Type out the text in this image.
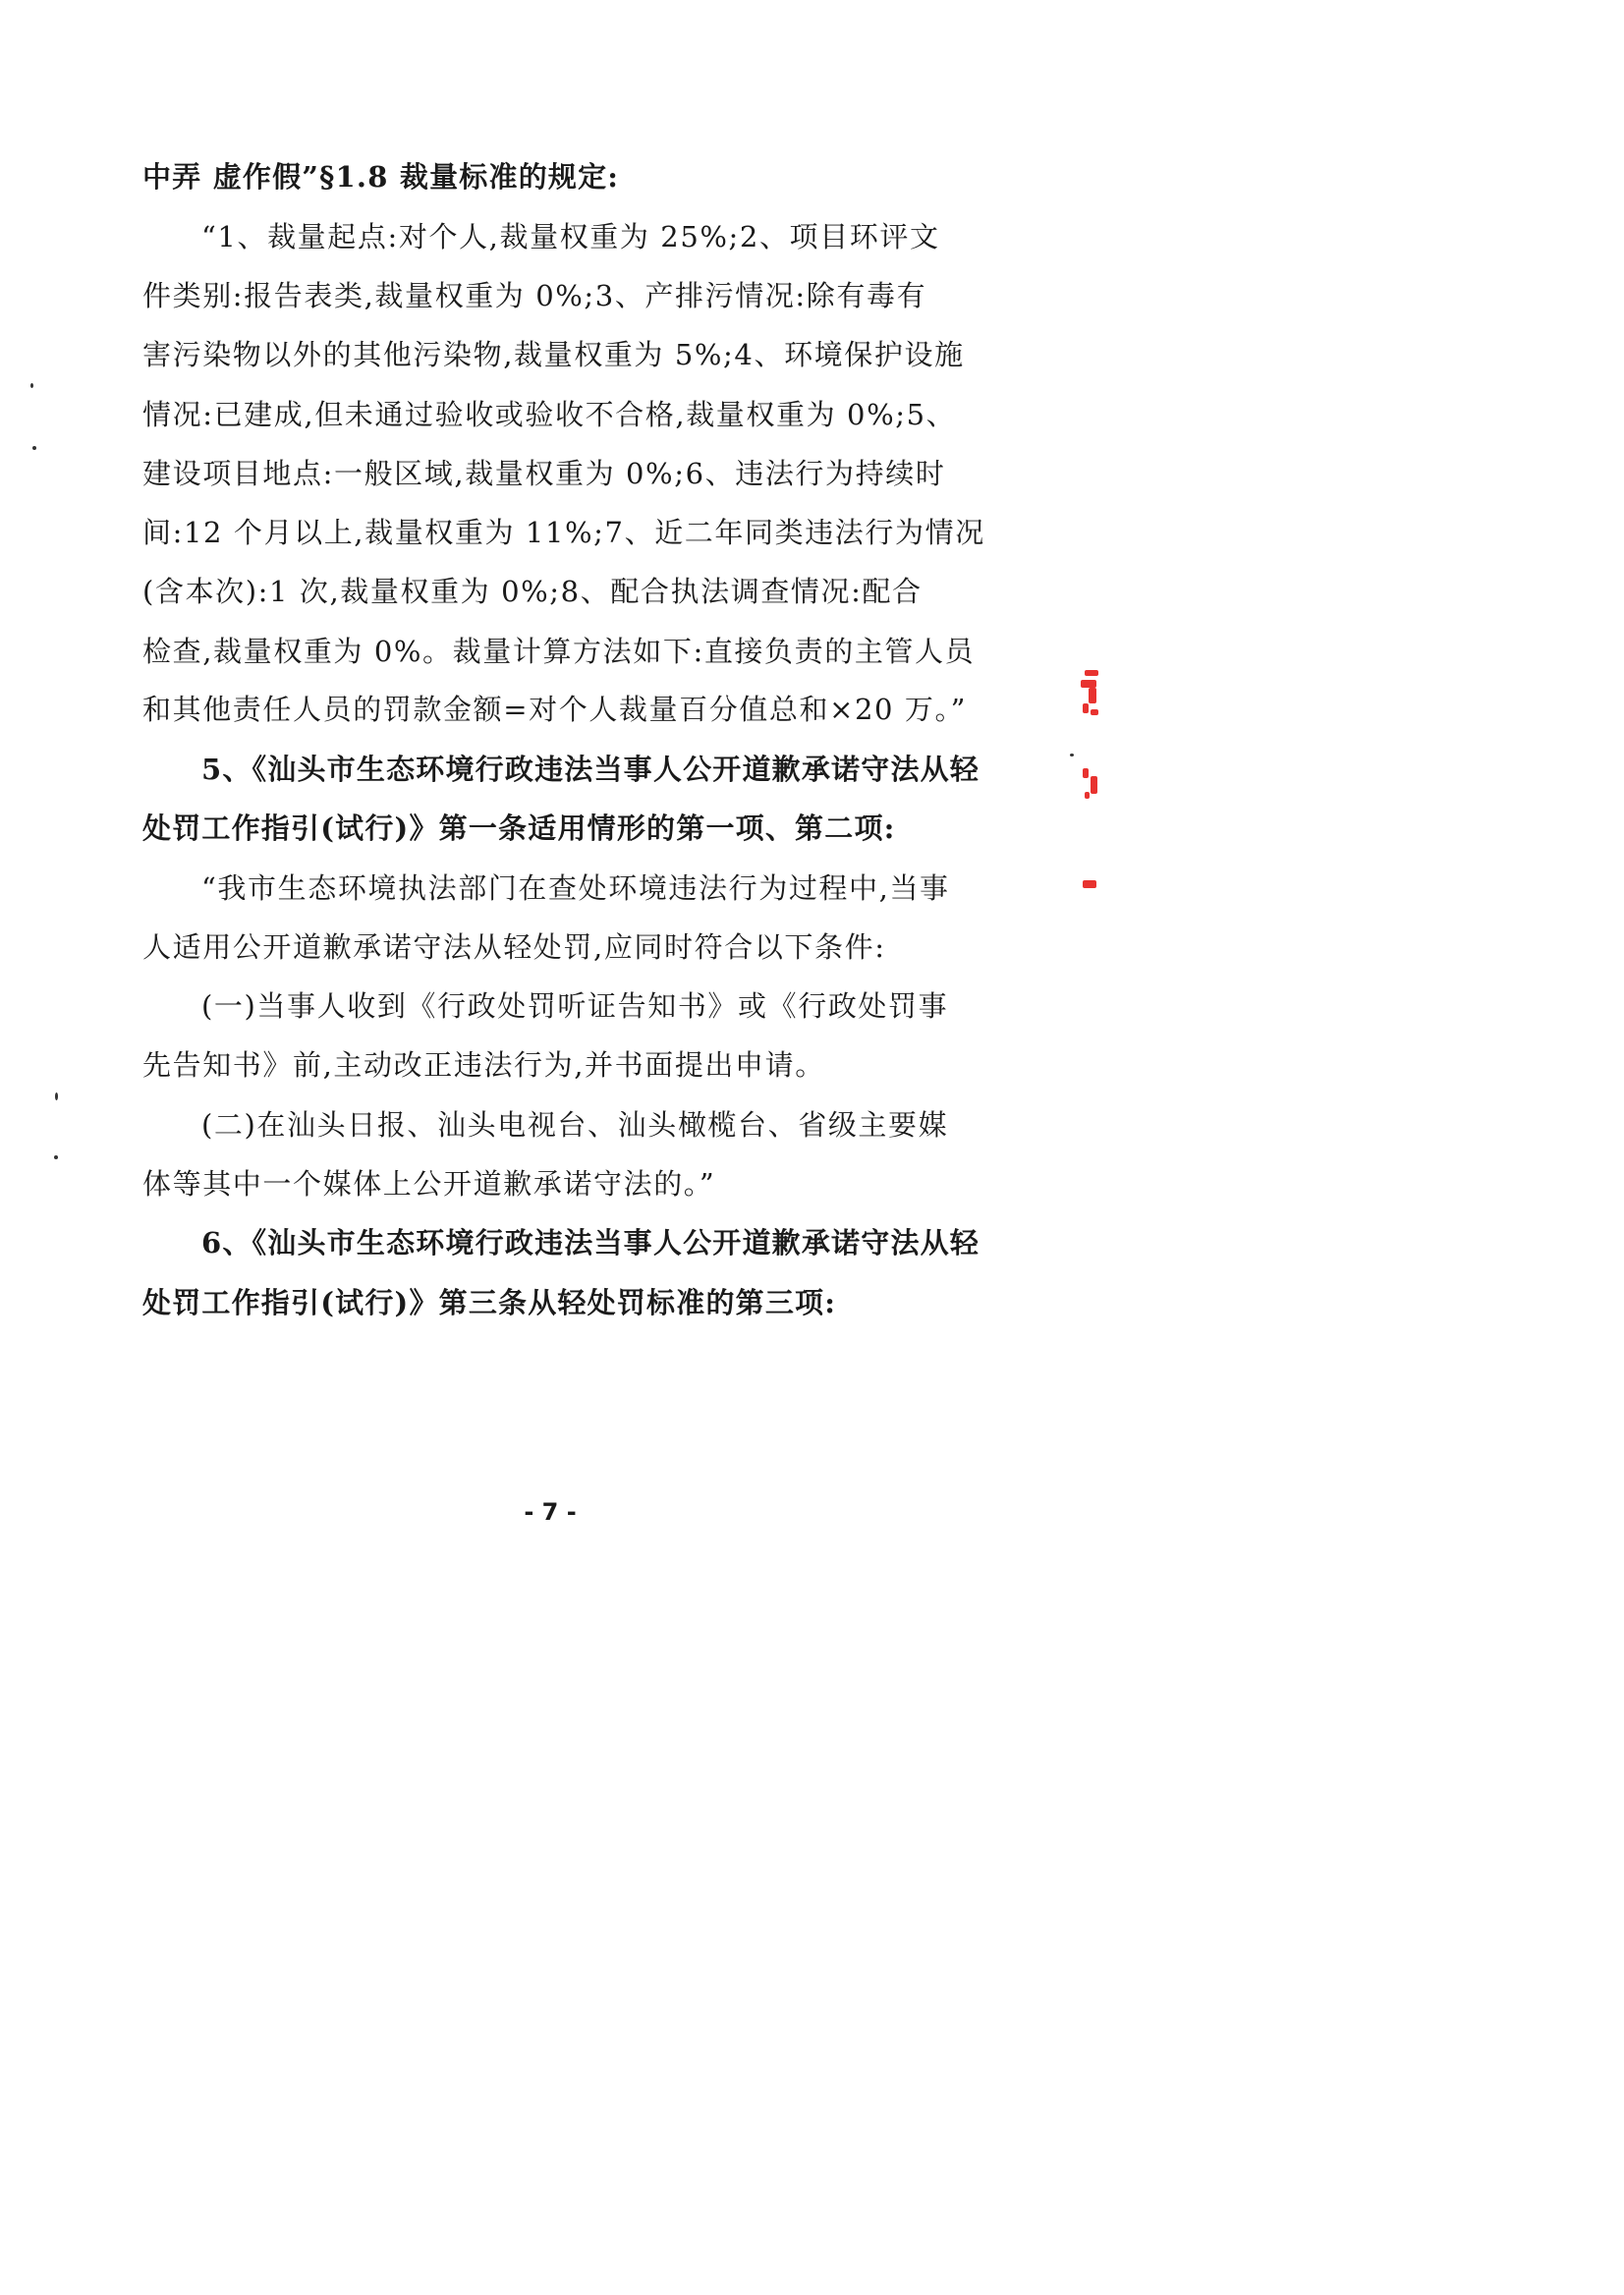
中弄 虚作假”§1.8 裁量标准的规定:
“1、裁量起点:对个人,裁量权重为 25%;2、项目环评文
件类别:报告表类,裁量权重为 0%;3、产排污情况:除有毒有
害污染物以外的其他污染物,裁量权重为 5%;4、环境保护设施
情况:已建成,但未通过验收或验收不合格,裁量权重为 0%;5、
建设项目地点:一般区域,裁量权重为 0%;6、违法行为持续时
间:12 个月以上,裁量权重为 11%;7、近二年同类违法行为情况
(含本次):1 次,裁量权重为 0%;8、配合执法调查情况:配合
检查,裁量权重为 0%。裁量计算方法如下:直接负责的主管人员
和其他责任人员的罚款金额=对个人裁量百分值总和×20 万。”
5、《汕头市生态环境行政违法当事人公开道歉承诺守法从轻
处罚工作指引(试行)》第一条适用情形的第一项、第二项:
“我市生态环境执法部门在查处环境违法行为过程中,当事
人适用公开道歉承诺守法从轻处罚,应同时符合以下条件:
(一)当事人收到《行政处罚听证告知书》或《行政处罚事
先告知书》前,主动改正违法行为,并书面提出申请。
(二)在汕头日报、汕头电视台、汕头橄榄台、省级主要媒
体等其中一个媒体上公开道歉承诺守法的。”
6、《汕头市生态环境行政违法当事人公开道歉承诺守法从轻
处罚工作指引(试行)》第三条从轻处罚标准的第三项:
- 7 -
